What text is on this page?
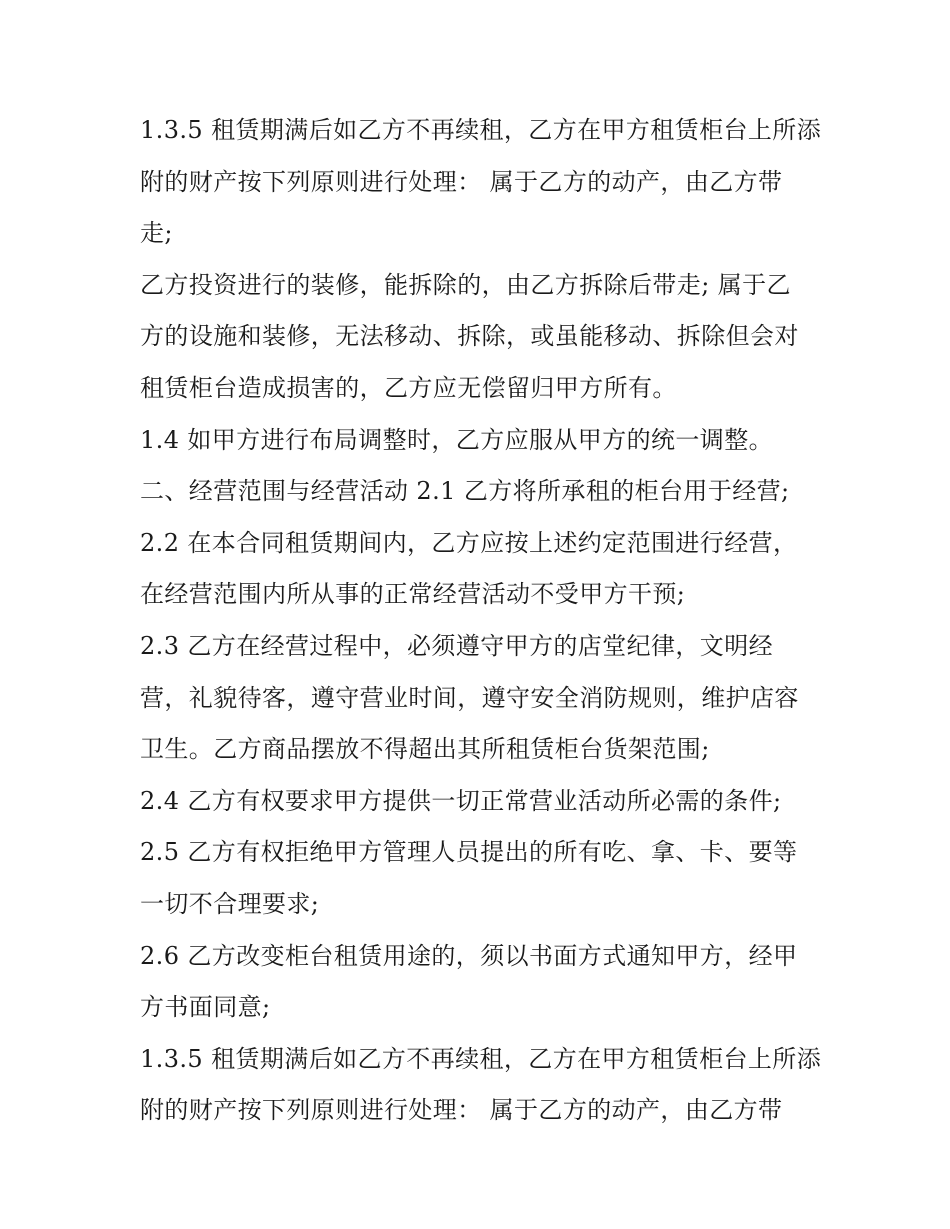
1.3.5 租赁期满后如乙方不再续租，乙方在甲方租赁柜台上所添
附的财产按下列原则进行处理： 属于乙方的动产，由乙方带
走;
乙方投资进行的装修，能拆除的，由乙方拆除后带走; 属于乙
方的设施和装修，无法移动、拆除，或虽能移动、拆除但会对
租赁柜台造成损害的，乙方应无偿留归甲方所有。
1.4 如甲方进行布局调整时，乙方应服从甲方的统一调整。
二、经营范围与经营活动 2.1 乙方将所承租的柜台用于经营;
2.2 在本合同租赁期间内，乙方应按上述约定范围进行经营，
在经营范围内所从事的正常经营活动不受甲方干预;
2.3 乙方在经营过程中，必须遵守甲方的店堂纪律，文明经
营，礼貌待客，遵守营业时间，遵守安全消防规则，维护店容
卫生。乙方商品摆放不得超出其所租赁柜台货架范围;
2.4 乙方有权要求甲方提供一切正常营业活动所必需的条件;
2.5 乙方有权拒绝甲方管理人员提出的所有吃、拿、卡、要等
一切不合理要求;
2.6 乙方改变柜台租赁用途的，须以书面方式通知甲方，经甲
方书面同意;
1.3.5 租赁期满后如乙方不再续租，乙方在甲方租赁柜台上所添
附的财产按下列原则进行处理： 属于乙方的动产，由乙方带
